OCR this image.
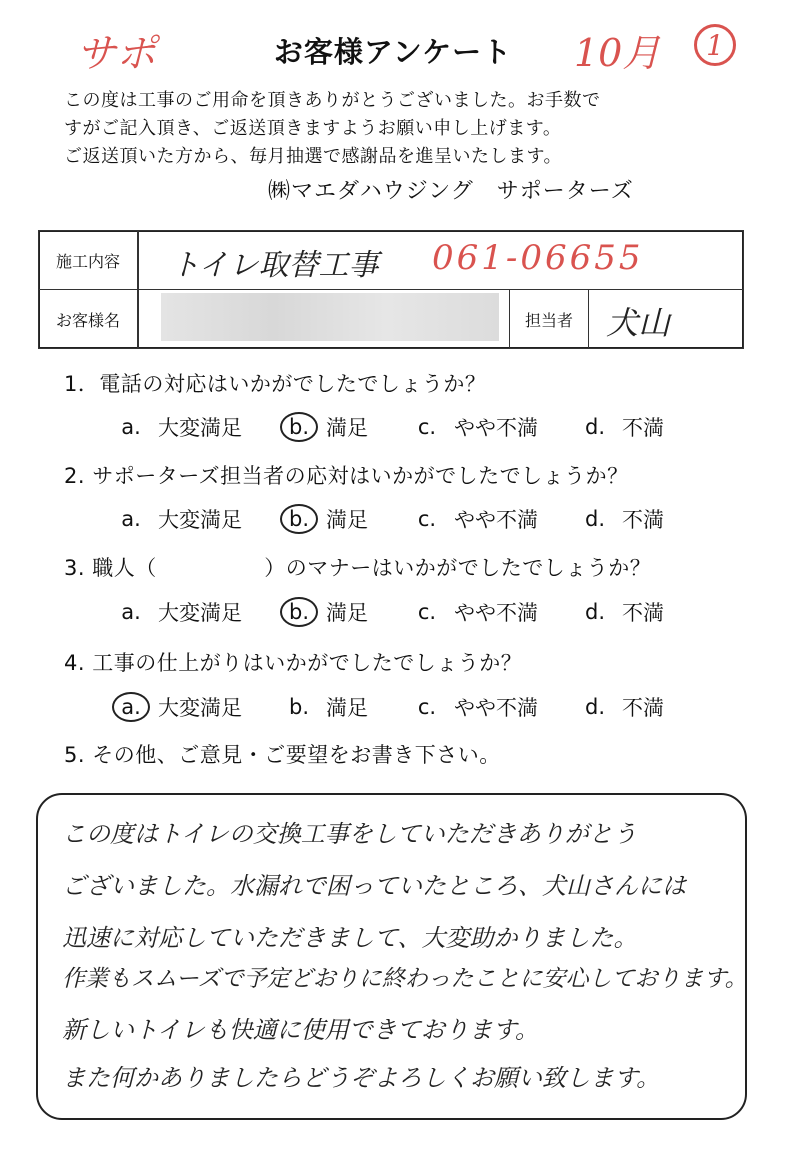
サポ	お客様アンケート	10月	1
この度は工事のご用命を頂きありがとうございました。お手数で
すがご記入頂き、ご返送頂きますようお願い申し上げます。
ご返送頂いた方から、毎月抽選で感謝品を進呈いたします。
㈱マエダハウジング　サポーターズ
施工内容 トイレ取替工事 061-06655
お客様名	担当者 犬山
1．電話の対応はいかがでしたでしょうか？
a. 大変満足	b. 満足	c. やや不満	d. 不満
2. サポーターズ担当者の応対はいかがでしたでしょうか？
a. 大変満足	b. 満足	c. やや不満	d. 不満
3. 職人（　　　　　）のマナーはいかがでしたでしょうか？
a. 大変満足	b. 満足	c. やや不満	d. 不満
4. 工事の仕上がりはいかがでしたでしょうか？
a. 大変満足	b. 満足	c. やや不満	d. 不満
5. その他、ご意見・ご要望をお書き下さい。
この度はトイレの交換工事をしていただきありがとう
ございました。水漏れで困っていたところ、犬山さんには
迅速に対応していただきまして、大変助かりました。
作業もスムーズで予定どおりに終わったことに安心しております。
新しいトイレも快適に使用できております。
また何かありましたらどうぞよろしくお願い致します。
